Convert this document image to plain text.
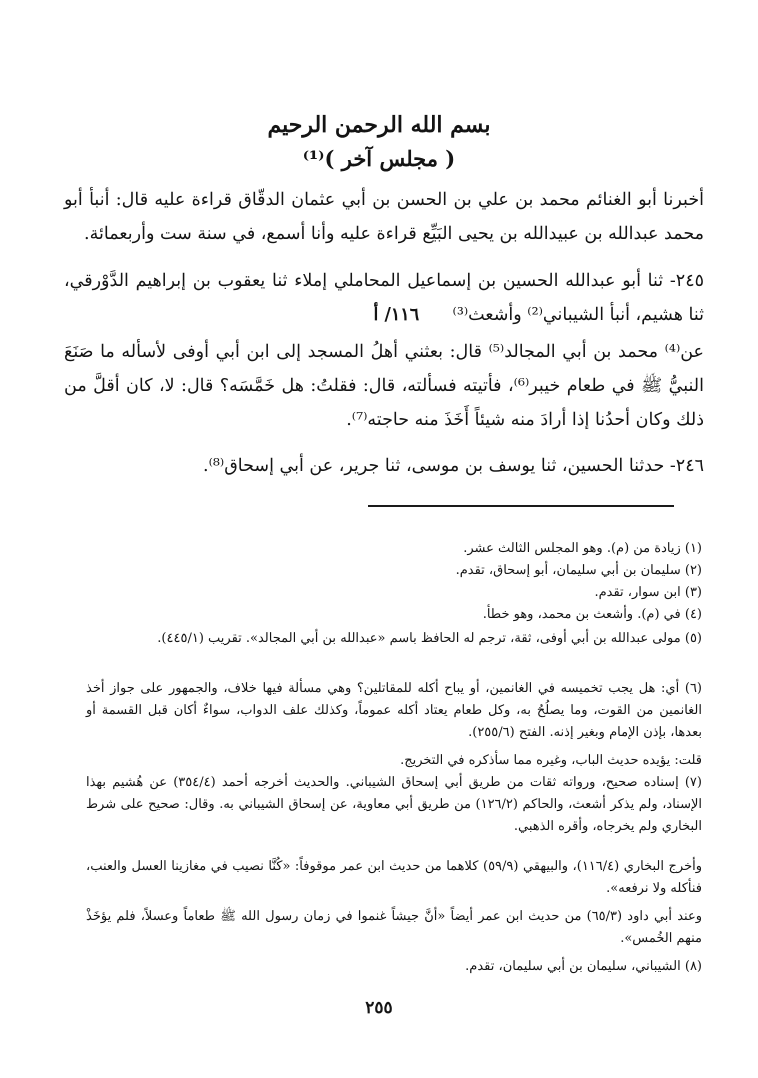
بسم الله الرحمن الرحيم
( مجلس آخر )⁽¹⁾

أخبرنا أبو الغنائم محمد بن علي بن الحسن بن أبي عثمان الدقّاق قراءة عليه قال: أنبأ أبو محمد عبدالله بن عبيدالله بن يحيى البَيِّع قراءة عليه وأنا أسمع، في سنة ست وأربعمائة.

٢٤٥- ثنا أبو عبدالله الحسين بن إسماعيل المحاملي إملاء ثنا يعقوب بن إبراهيم الدَّوْرقي، ثنا هشيم، أنبأ الشيباني⁽²⁾ وأشعث⁽³⁾      ١١٦/ أ

عن⁽⁴⁾ محمد بن أبي المجالد⁽⁵⁾ قال: بعثني أهلُ المسجد إلى ابن أبي أوفى لأسأله ما صَنَعَ النبيُّ ﷺ في طعام خيبر⁽⁶⁾، فأتيته فسألته، قال: فقلتُ: هل خَمَّسَه؟ قال: لا، كان أقلَّ من ذلك وكان أحدُنا إذا أرادَ منه شيئاً أَخَذَ منه حاجته⁽⁷⁾.

٢٤٦- حدثنا الحسين، ثنا يوسف بن موسى، ثنا جرير، عن أبي إسحاق⁽⁸⁾.

(١) زيادة من (م). وهو المجلس الثالث عشر.
(٢) سليمان بن أبي سليمان، أبو إسحاق، تقدم.
(٣) ابن سوار، تقدم.
(٤) في (م). وأشعث بن محمد، وهو خطأ.
(٥) مولى عبدالله بن أبي أوفى، ثقة، ترجم له الحافظ باسم «عبدالله بن أبي المجالد». تقريب (٤٤٥/١).
(٦) أي: هل يجب تخميسه في الغانمين، أو يباح أكله للمقاتلين؟ وهي مسألة فيها خلاف، والجمهور على جواز أخذ الغانمين من القوت، وما يصلُحُ به، وكل طعام يعتاد أكله عموماً، وكذلك علف الدواب، سواءٌ أكان قبل القسمة أو بعدها، بإذن الإمام وبغير إذنه. الفتح (٢٥٥/٦).
قلت: يؤيده حديث الباب، وغيره مما سأذكره في التخريج.
(٧) إسناده صحيح، ورواته ثقات من طريق أبي إسحاق الشيباني. والحديث أخرجه أحمد (٣٥٤/٤) عن هُشيم بهذا الإسناد، ولم يذكر أشعث، والحاكم (١٢٦/٢) من طريق أبي معاوية، عن إسحاق الشيباني به. وقال: صحيح على شرط البخاري ولم يخرجاه، وأقره الذهبي.
وأخرج البخاري (١١٦/٤)، والبيهقي (٥٩/٩) كلاهما من حديث ابن عمر موقوفاً: «كُنَّا نصيب في مغازينا العسل والعنب، فنأكله ولا نرفعه».
وعند أبي داود (٦٥/٣) من حديث ابن عمر أيضاً «أنَّ جيشاً غنموا في زمان رسول الله ﷺ طعاماً وعسلاً، فلم يؤخَذْ منهم الخُمس».
(٨) الشيباني، سليمان بن أبي سليمان، تقدم.
٢٥٥
